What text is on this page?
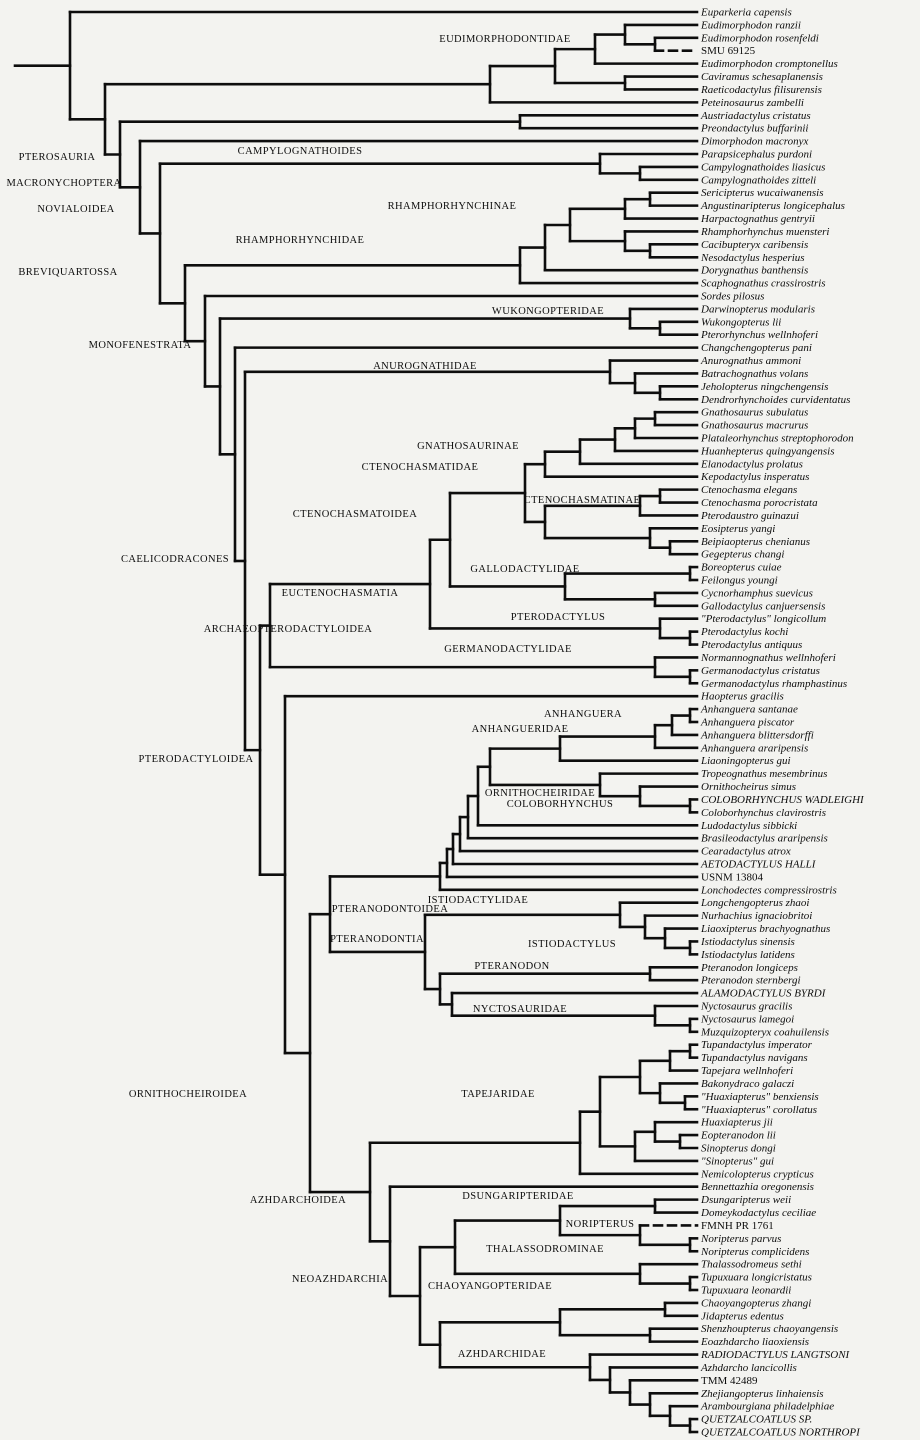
Euparkeria capensis
Eudimorphodon ranzii
Eudimorphodon rosenfeldi
SMU 69125
Eudimorphodon cromptonellus
Caviramus schesaplanensis
Raeticodactylus filisurensis
Peteinosaurus zambelli
Austriadactylus cristatus
Preondactylus buffarinii
Dimorphodon macronyx
Parapsicephalus purdoni
Campylognathoides liasicus
Campylognathoides zitteli
Sericipterus wucaiwanensis
Angustinaripterus longicephalus
Harpactognathus gentryii
Rhamphorhynchus muensteri
Cacibupteryx caribensis
Nesodactylus hesperius
Dorygnathus banthensis
Scaphognathus crassirostris
Sordes pilosus
Darwinopterus modularis
Wukongopterus lii
Pterorhynchus wellnhoferi
Changchengopterus pani
Anurognathus ammoni
Batrachognathus volans
Jeholopterus ningchengensis
Dendrorhynchoides curvidentatus
Gnathosaurus subulatus
Gnathosaurus macrurus
Plataleorhynchus streptophorodon
Huanhepterus quingyangensis
Elanodactylus prolatus
Kepodactylus insperatus
Ctenochasma elegans
Ctenochasma porocristata
Pterodaustro guinazui
Eosipterus yangi
Beipiaopterus chenianus
Gegepterus changi
Boreopterus cuiae
Feilongus youngi
Cycnorhamphus suevicus
Gallodactylus canjuersensis
"Pterodactylus" longicollum
Pterodactylus kochi
Pterodactylus antiquus
Normannognathus wellnhoferi
Germanodactylus cristatus
Germanodactylus rhamphastinus
Haopterus gracilis
Anhanguera santanae
Anhanguera piscator
Anhanguera blittersdorffi
Anhanguera araripensis
Liaoningopterus gui
Tropeognathus mesembrinus
Ornithocheirus simus
COLOBORHYNCHUS WADLEIGHI
Coloborhynchus clavirostris
Ludodactylus sibbicki
Brasileodactylus araripensis
Cearadactylus atrox
AETODACTYLUS HALLI
USNM 13804
Lonchodectes compressirostris
Longchengopterus zhaoi
Nurhachius ignaciobritoi
Liaoxipterus brachyognathus
Istiodactylus sinensis
Istiodactylus latidens
Pteranodon longiceps
Pteranodon sternbergi
ALAMODACTYLUS BYRDI
Nyctosaurus gracilis
Nyctosaurus lamegoi
Muzquizopteryx coahuilensis
Tupandactylus imperator
Tupandactylus navigans
Tapejara wellnhoferi
Bakonydraco galaczi
"Huaxiapterus" benxiensis
"Huaxiapterus" corollatus
Huaxiapterus jii
Eopteranodon lii
Sinopterus dongi
"Sinopterus" gui
Nemicolopterus crypticus
Bennettazhia oregonensis
Dsungaripterus weii
Domeykodactylus ceciliae
FMNH PR 1761
Noripterus parvus
Noripterus complicidens
Thalassodromeus sethi
Tupuxuara longicristatus
Tupuxuara leonardii
Chaoyangopterus zhangi
Jidapterus edentus
Shenzhoupterus chaoyangensis
Eoazhdarcho liaoxiensis
RADIODACTYLUS LANGTSONI
Azhdarcho lancicollis
TMM 42489
Zhejiangopterus linhaiensis
Arambourgiana philadelphiae
QUETZALCOATLUS SP.
QUETZALCOATLUS NORTHROPI
EUDIMORPHODONTIDAE
PTEROSAURIA
CAMPYLOGNATHOIDES
MACRONYCHOPTERA
NOVIALOIDEA	RHAMPHORHYNCHINAE
RHAMPHORHYNCHIDAE
BREVIQUARTOSSA
WUKONGOPTERIDAE
MONOFENESTRATA
ANUROGNATHIDAE
GNATHOSAURINAE
CTENOCHASMATIDAE
CTENOCHASMATINAE
CTENOCHASMATOIDEA
GALLODACTYLIDAE
EUCTENOCHASMATIA
CAELICODRACONES
ARCHAEOPTERODACTYLOIDEA
PTERODACTYLUS
GERMANODACTYLIDAE
PTERODACTYLOIDEA
ANHANGUERA
ANHANGUERIDAE
ORNITHOCHEIRIDAE
COLOBORHYNCHUS
ISTIODACTYLIDAE
PTERANODONTOIDEA
PTERANODONTIA	ISTIODACTYLUS
PTERANODON
NYCTOSAURIDAE
ORNITHOCHEIROIDEA	TAPEJARIDAE
AZHDARCHOIDEA	DSUNGARIPTERIDAE
NORIPTERUS
THALASSODROMINAE
NEOAZHDARCHIA
CHAOYANGOPTERIDAE
AZHDARCHIDAE
